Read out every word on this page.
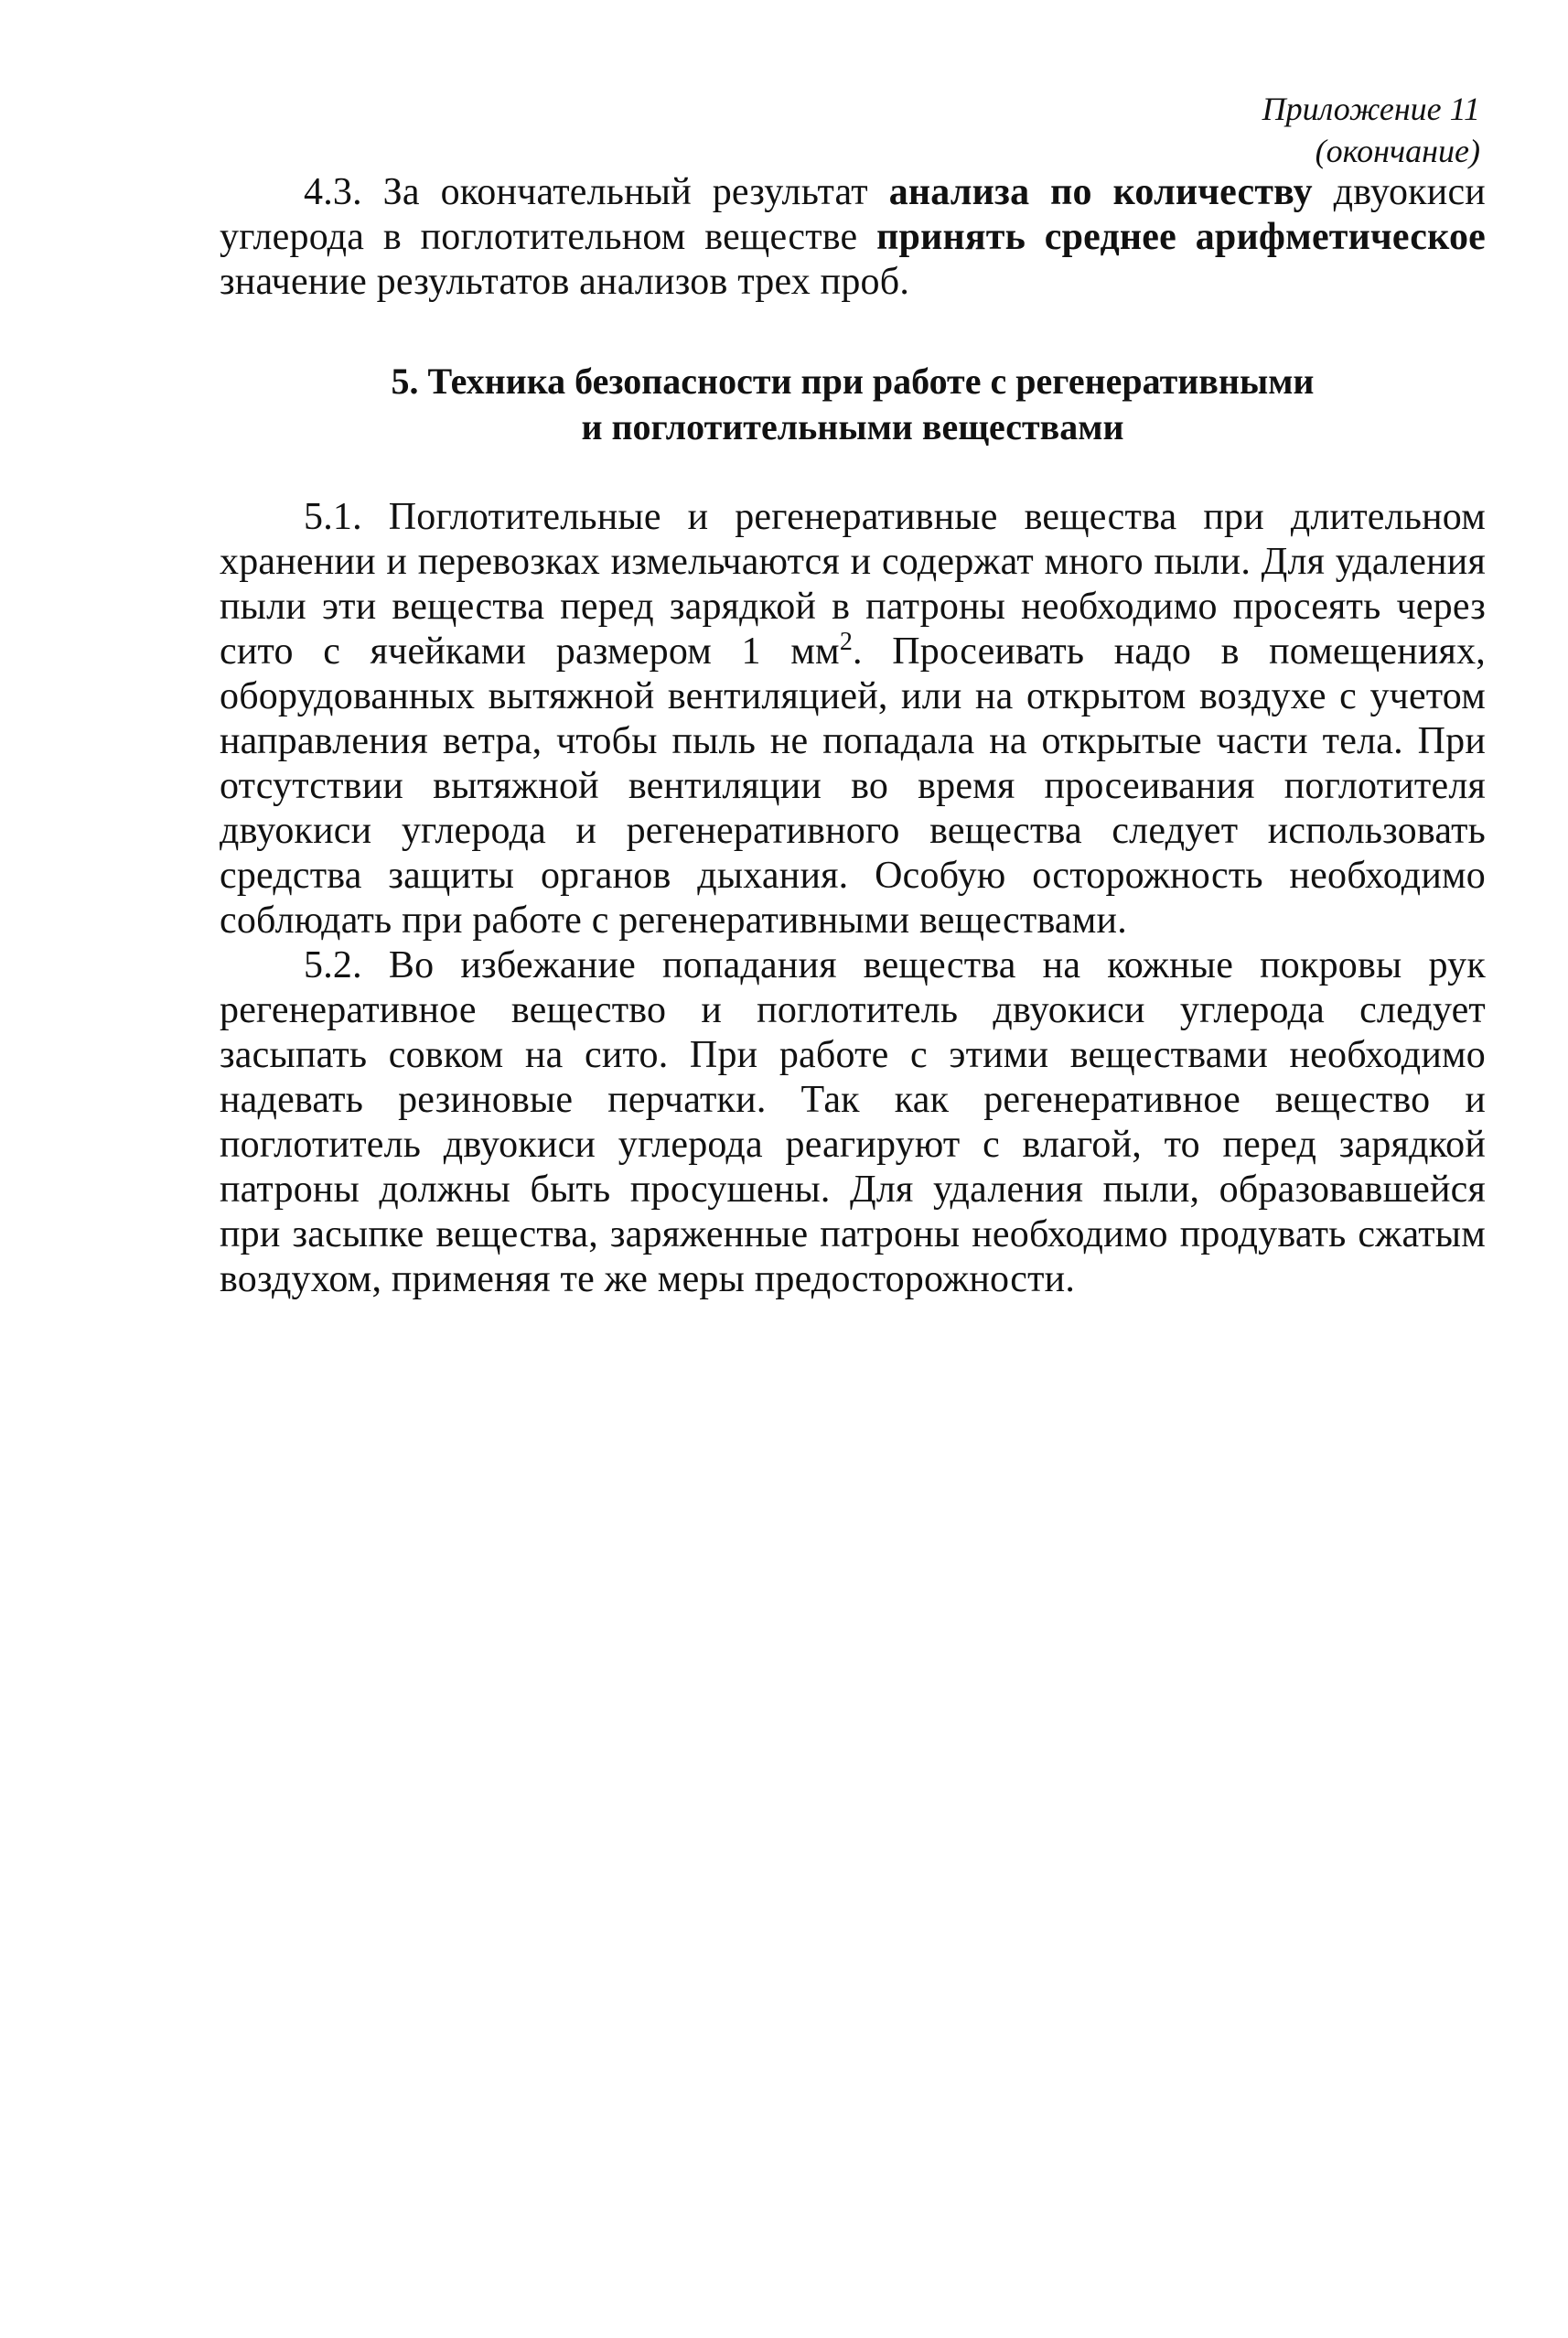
Приложение 11
(окончание)

4.3. За окончательный результат анализа по количеству двуокиси углерода в поглотительном веществе принять среднее арифметическое значение результатов анализов трех проб.

5. Техника безопасности при работе с регенеративными
и поглотительными веществами

5.1. Поглотительные и регенеративные вещества при длительном хранении и перевозках измельчаются и содержат много пыли. Для удаления пыли эти вещества перед зарядкой в патроны необходимо просеять через сито с ячейками размером 1 $мм^2$. Просеивать надо в помещениях, оборудованных вытяжной вентиляцией, или на открытом воздухе с учетом направления ветра, чтобы пыль не попадала на открытые части тела. При отсутствии вытяжной вентиляции во время просеивания поглотителя двуокиси углерода и регенеративного вещества следует использовать средства защиты органов дыхания. Особую осторожность необходимо соблюдать при работе с регенеративными веществами.

5.2. Во избежание попадания вещества на кожные покровы рук регенеративное вещество и поглотитель двуокиси углерода следует засыпать совком на сито. При работе с этими веществами необходимо надевать резиновые перчатки. Так как регенеративное вещество и поглотитель двуокиси углерода реагируют с влагой, то перед зарядкой патроны должны быть просушены. Для удаления пыли, образовавшейся при засыпке вещества, заряженные патроны необходимо продувать сжатым воздухом, применяя те же меры предосторожности.
